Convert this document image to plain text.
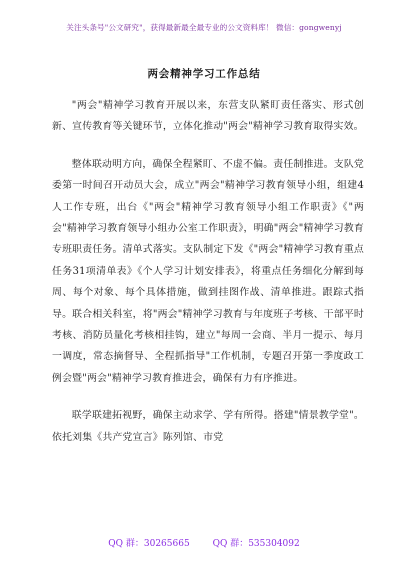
关注头条号"公文研究"，获得最新最全最专业的公文资料库！ 微信：gongwenyj
两会精神学习工作总结

"两会"精神学习教育开展以来，东营支队紧盯责任落实、形式创新、宣传教育等关键环节，立体化推动"两会"精神学习教育取得实效。

整体联动明方向，确保全程紧盯、不虚不偏。责任制推进。支队党委第一时间召开动员大会，成立"两会"精神学习教育领导小组，组建4人工作专班，出台《"两会"精神学习教育领导小组工作职责》《"两会"精神学习教育领导小组办公室工作职责》，明确"两会"精神学习教育专班职责任务。清单式落实。支队制定下发《"两会"精神学习教育重点任务31项清单表》《个人学习计划安排表》，将重点任务细化分解到每周、每个对象、每个具体措施，做到挂图作战、清单推进。跟踪式指导。联合相关科室，将"两会"精神学习教育与年度班子考核、干部平时考核、消防员量化考核相挂钩，建立"每周一会商、半月一提示、每月一调度，常态摘督导、全程抓指导"工作机制，专题召开第一季度政工例会暨"两会"精神学习教育推进会，确保有力有序推进。

联学联建拓视野，确保主动求学、学有所得。搭建"情景教学堂"。依托刘集《共产党宣言》陈列馆、市党

QQ 群：30265665	QQ 群：535304092
